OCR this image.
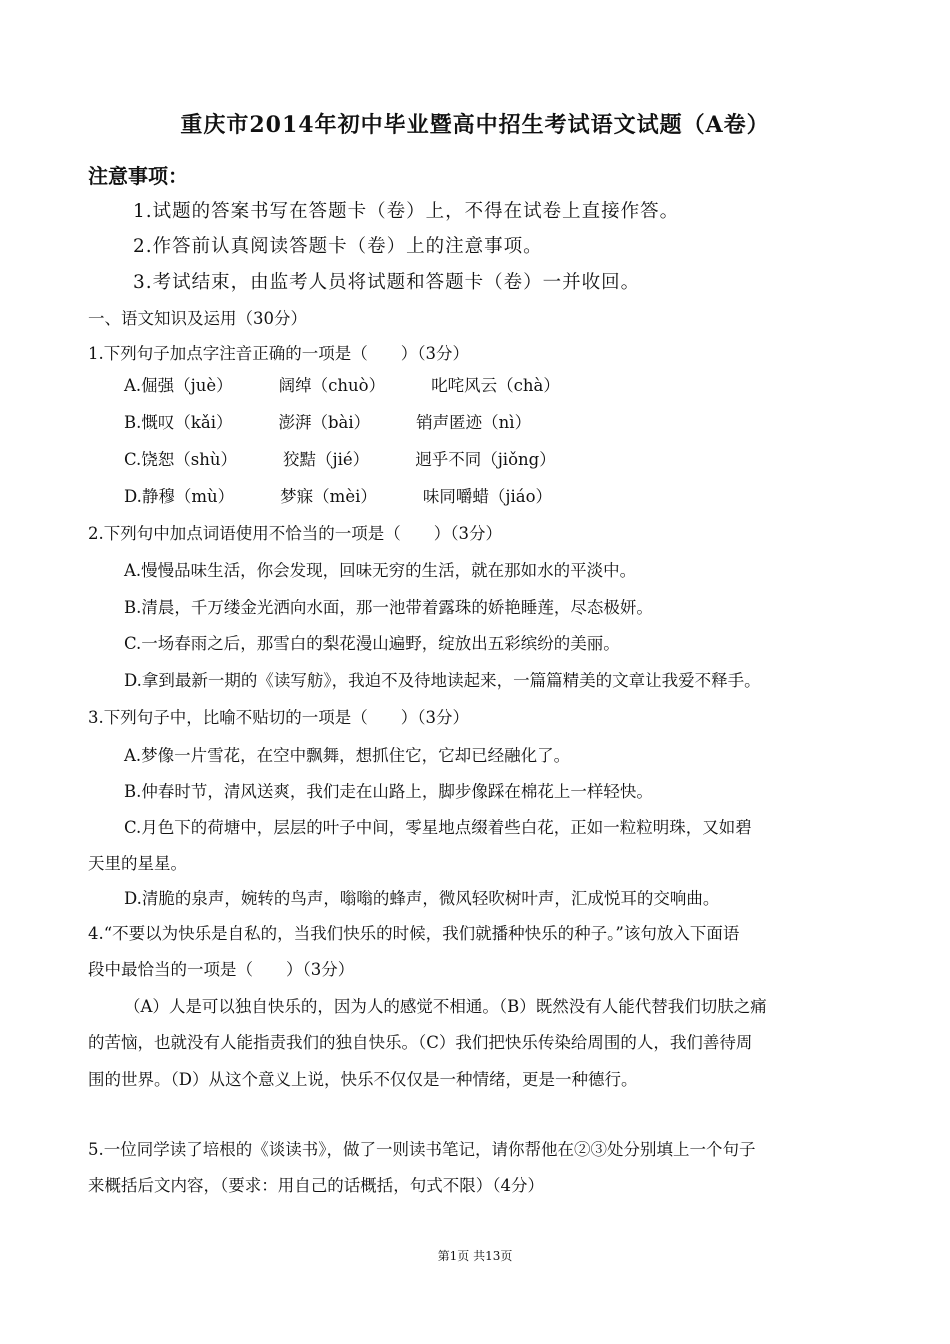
重庆市2014年初中毕业暨高中招生考试语文试题（A卷）
注意事项：
1.试题的答案书写在答题卡（卷）上，不得在试卷上直接作答。
2.作答前认真阅读答题卡（卷）上的注意事项。
3.考试结束，由监考人员将试题和答题卡（卷）一并收回。
一、语文知识及运用（30分）
1.下列句子加点字注音正确的一项是（　　）（3分）
A.倔强（juè）	阔绰（chuò）	叱咤风云（chà）
B.慨叹（kǎi）	澎湃（bài）	销声匿迹（nì）
C.饶恕（shù）	狡黠（jié）	迥乎不同（jiǒng）
D.静穆（mù）	梦寐（mèi）	味同嚼蜡（jiáo）
2.下列句中加点词语使用不恰当的一项是（　　）（3分）
A.慢慢品味生活，你会发现，回味无穷的生活，就在那如水的平淡中。
B.清晨，千万缕金光洒向水面，那一池带着露珠的娇艳睡莲，尽态极妍。
C.一场春雨之后，那雪白的梨花漫山遍野，绽放出五彩缤纷的美丽。
D.拿到最新一期的《读写舫》，我迫不及待地读起来，一篇篇精美的文章让我爱不释手。
3.下列句子中，比喻不贴切的一项是（　　）（3分）
A.梦像一片雪花，在空中飘舞，想抓住它，它却已经融化了。
B.仲春时节，清风送爽，我们走在山路上，脚步像踩在棉花上一样轻快。
C.月色下的荷塘中，层层的叶子中间，零星地点缀着些白花，正如一粒粒明珠，又如碧
天里的星星。
D.清脆的泉声，婉转的鸟声，嗡嗡的蜂声，微风轻吹树叶声，汇成悦耳的交响曲。
4.“不要以为快乐是自私的，当我们快乐的时候，我们就播种快乐的种子。”该句放入下面语
段中最恰当的一项是（　　）（3分）
（A）人是可以独自快乐的，因为人的感觉不相通。（B）既然没有人能代替我们切肤之痛
的苦恼，也就没有人能指责我们的独自快乐。（C）我们把快乐传染给周围的人，我们善待周
围的世界。（D）从这个意义上说，快乐不仅仅是一种情绪，更是一种德行。
5.一位同学读了培根的《谈读书》，做了一则读书笔记，请你帮他在②③处分别填上一个句子
来概括后文内容，（要求：用自己的话概括，句式不限）（4分）
第1页 共13页
